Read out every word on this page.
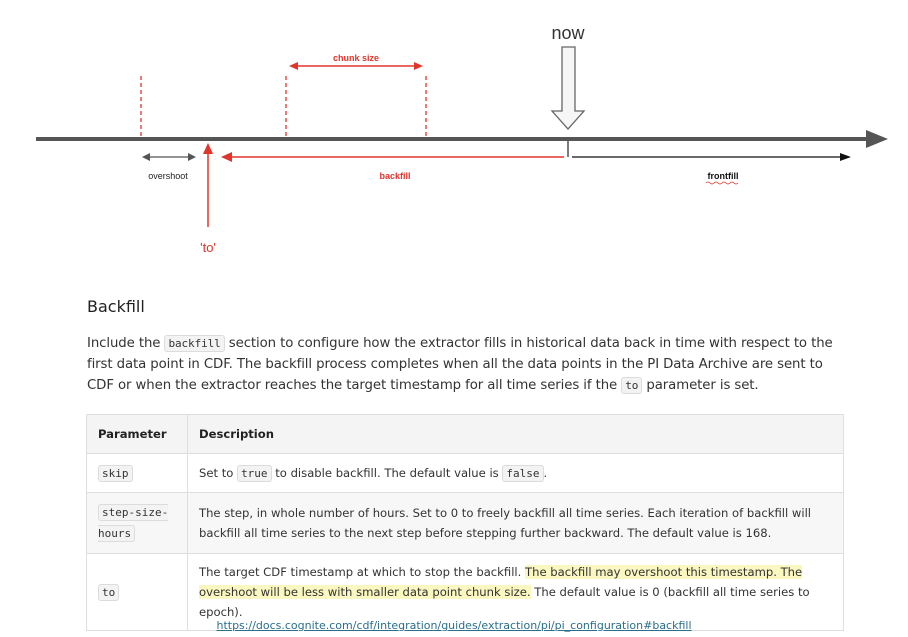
chunk size
now
overshoot
'to'
backfill	frontfill
Backfill

Include the backfill section to configure how the extractor fills in historical data back in time with respect to the first data point in CDF. The backfill process completes when all the data points in the PI Data Archive are sent to CDF or when the extractor reaches the target timestamp for all time series if the to parameter is set.

Parameter	Description
skip	Set to true to disable backfill. The default value is false .
step-size-hours	The step, in whole number of hours. Set to 0 to freely backfill all time series. Each iteration of backfill will backfill all time series to the next step before stepping further backward. The default value is 168.
to	The target CDF timestamp at which to stop the backfill. The backfill may overshoot this timestamp. The overshoot will be less with smaller data point chunk size. The default value is 0 (backfill all time series to epoch).
https://docs.cognite.com/cdf/integration/guides/extraction/pi/pi_configuration#backfill
